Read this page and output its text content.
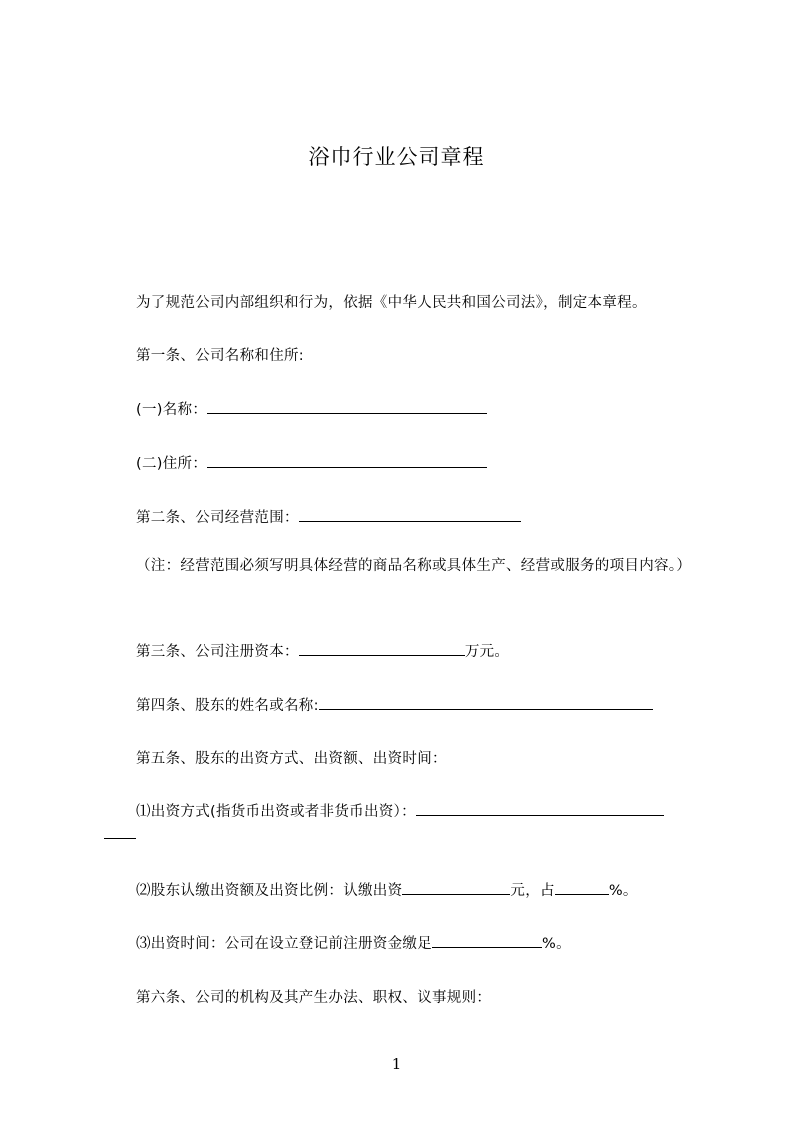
浴巾行业公司章程
为了规范公司内部组织和行为，依据《中华人民共和国公司法》，制定本章程。
第一条、公司名称和住所:
(一)名称：
(二)住所：
第二条、公司经营范围：
（注：经营范围必须写明具体经营的商品名称或具体生产、经营或服务的项目内容。）
第三条、公司注册资本：	万元。
第四条、股东的姓名或名称:
第五条、股东的出资方式、出资额、出资时间：
⑴出资方式(指货币出资或者非货币出资）：
⑵股东认缴出资额及出资比例：认缴出资	元，占	%。
⑶出资时间：公司在设立登记前注册资金缴足	%。
第六条、公司的机构及其产生办法、职权、议事规则：
1
